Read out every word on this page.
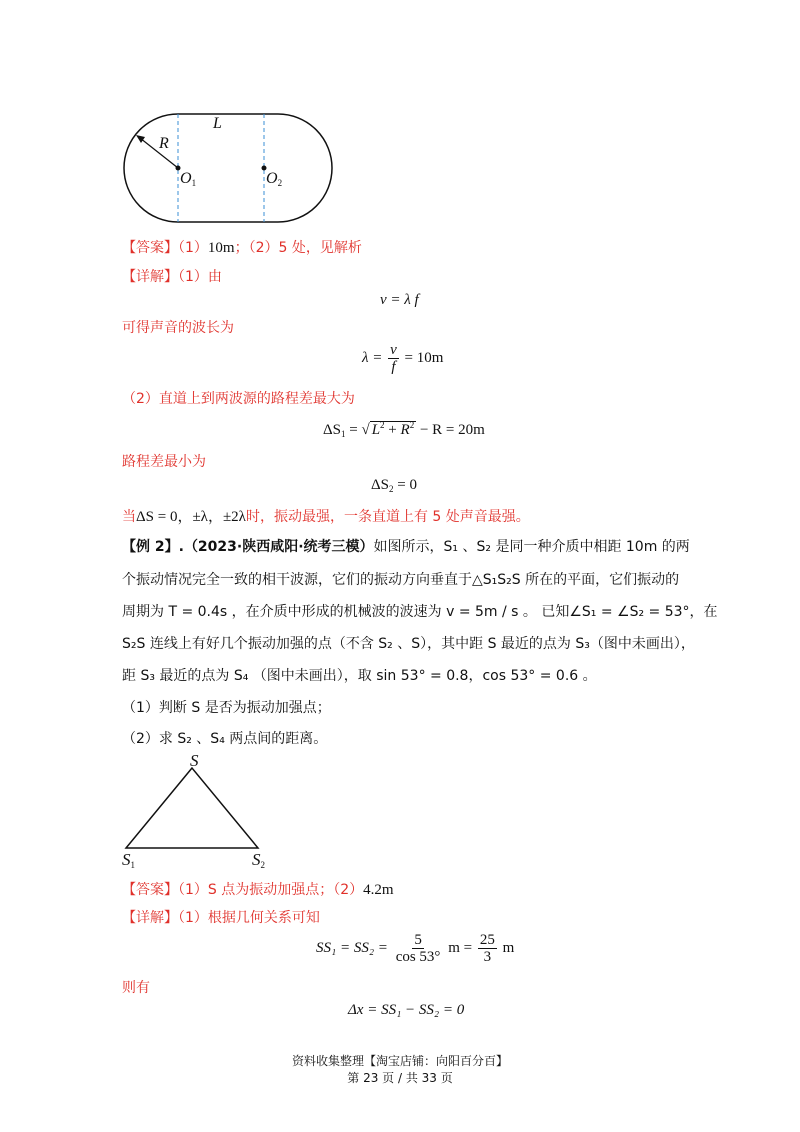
L
R
$O_1$	$O_2$
【答案】（1）10m；（2）5 处，见解析
【详解】（1）由
v = λ f
可得声音的波长为
$\lambda = \frac{v}{f} = 10m$
（2）直道上到两波源的路程差最大为
$\Delta S_1$ = √ $L^2 + R^2 - R = 20m$
路程差最小为
$\Delta S_2 = 0$
当ΔS = 0，±λ，±2λ时，振动最强，一条直道上有 5 处声音最强。
【例 2】.（2023·陕西咸阳·统考三模）如图所示，S₁ 、S₂ 是同一种介质中相距 10m 的两
个振动情况完全一致的相干波源，它们的振动方向垂直于△S₁S₂S 所在的平面，它们振动的
周期为 T = 0.4s ，在介质中形成的机械波的波速为 v = 5m / s 。 已知∠S₁ = ∠S₂ = 53°，在
S₂S 连线上有好几个振动加强的点（不含 S₂ 、S），其中距 S 最近的点为 S₃（图中未画出），
距 S₃ 最近的点为 S₄ （图中未画出），取 sin 53° = 0.8，cos 53° = 0.6 。
（1）判断 S 是否为振动加强点；
（2）求 S₂ 、S₄ 两点间的距离。
S
$S_1$	$S_2$
【答案】（1）S 点为振动加强点；（2）4.2m
【详解】（1）根据几何关系可知
$SS_1 = SS_2 = \frac{5}{\cos 53^\circ}$ $m = \frac{25}{3}$ m
则有
Δx = SS₁ − SS₂ = 0
资料收集整理【淘宝店铺：向阳百分百】
第 23 页 / 共 33 页
